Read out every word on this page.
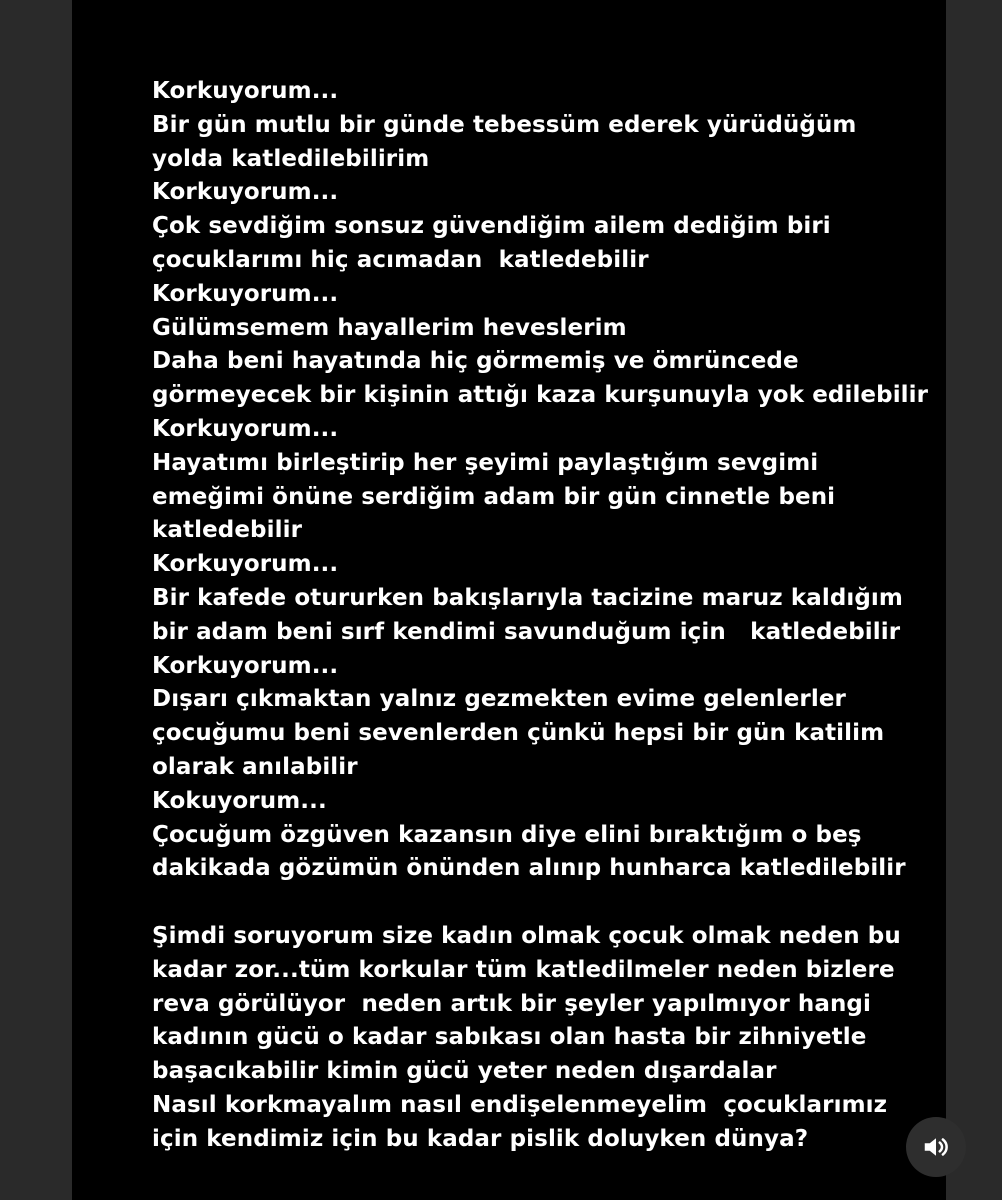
Korkuyorum...
Bir gün mutlu bir günde tebessüm ederek yürüdüğüm
yolda katledilebilirim
Korkuyorum...
Çok sevdiğim sonsuz güvendiğim ailem dediğim biri
çocuklarımı hiç acımadan  katledebilir
Korkuyorum...
Gülümsemem hayallerim heveslerim
Daha beni hayatında hiç görmemiş ve ömrüncede
görmeyecek bir kişinin attığı kaza kurşunuyla yok edilebilir
Korkuyorum...
Hayatımı birleştirip her şeyimi paylaştığım sevgimi
emeğimi önüne serdiğim adam bir gün cinnetle beni
katledebilir
Korkuyorum...
Bir kafede otururken bakışlarıyla tacizine maruz kaldığım
bir adam beni sırf kendimi savunduğum için   katledebilir
Korkuyorum...
Dışarı çıkmaktan yalnız gezmekten evime gelenlerler
çocuğumu beni sevenlerden çünkü hepsi bir gün katilim
olarak anılabilir
Kokuyorum...
Çocuğum özgüven kazansın diye elini bıraktığım o beş
dakikada gözümün önünden alınıp hunharca katledilebilir
Şimdi soruyorum size kadın olmak çocuk olmak neden bu
kadar zor...tüm korkular tüm katledilmeler neden bizlere
reva görülüyor  neden artık bir şeyler yapılmıyor hangi
kadının gücü o kadar sabıkası olan hasta bir zihniyetle
başacıkabilir kimin gücü yeter neden dışardalar
Nasıl korkmayalım nasıl endişelenmeyelim  çocuklarımız
için kendimiz için bu kadar pislik doluyken dünya?
